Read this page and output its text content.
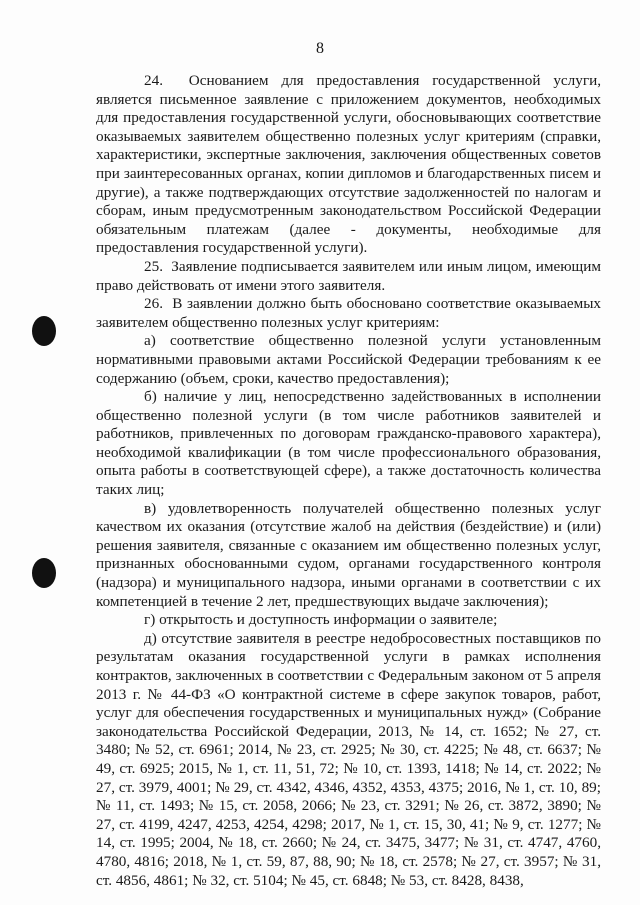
8

24.  Основанием для предоставления государственной услуги, является письменное заявление с приложением документов, необходимых для предоставления государственной услуги, обосновывающих соответствие оказываемых заявителем общественно полезных услуг критериям (справки, характеристики, экспертные заключения, заключения общественных советов при заинтересованных органах, копии дипломов и благодарственных писем и другие), а также подтверждающих отсутствие задолженностей по налогам и сборам, иным предусмотренным законодательством Российской Федерации обязательным платежам (далее - документы, необходимые для предоставления государственной услуги).

25.  Заявление подписывается заявителем или иным лицом, имеющим право действовать от имени этого заявителя.

26.  В заявлении должно быть обосновано соответствие оказываемых заявителем общественно полезных услуг критериям:

а) соответствие общественно полезной услуги установленным нормативными правовыми актами Российской Федерации требованиям к ее содержанию (объем, сроки, качество предоставления);

б) наличие у лиц, непосредственно задействованных в исполнении общественно полезной услуги (в том числе работников заявителей и работников, привлеченных по договорам гражданско-правового характера), необходимой квалификации (в том числе профессионального образования, опыта работы в соответствующей сфере), а также достаточность количества таких лиц;

в) удовлетворенность получателей общественно полезных услуг качеством их оказания (отсутствие жалоб на действия (бездействие) и (или) решения заявителя, связанные с оказанием им общественно полезных услуг, признанных обоснованными судом, органами государственного контроля (надзора) и муниципального надзора, иными органами в соответствии с их компетенцией в течение 2 лет, предшествующих выдаче заключения);

г) открытость и доступность информации о заявителе;

д) отсутствие заявителя в реестре недобросовестных поставщиков по результатам оказания государственной услуги в рамках исполнения контрактов, заключенных в соответствии с Федеральным законом от 5 апреля 2013 г. № 44-ФЗ «О контрактной системе в сфере закупок товаров, работ, услуг для обеспечения государственных и муниципальных нужд» (Собрание законодательства Российской Федерации, 2013, № 14, ст. 1652; № 27, ст. 3480; № 52, ст. 6961; 2014, № 23, ст. 2925; № 30, ст. 4225; № 48, ст. 6637; № 49, ст. 6925; 2015, № 1, ст. 11, 51, 72; № 10, ст. 1393, 1418; № 14, ст. 2022; № 27, ст. 3979, 4001; № 29, ст. 4342, 4346, 4352, 4353, 4375; 2016, № 1, ст. 10, 89; № 11, ст. 1493; № 15, ст. 2058, 2066; № 23, ст. 3291; № 26, ст. 3872, 3890; № 27, ст. 4199, 4247, 4253, 4254, 4298; 2017, № 1, ст. 15, 30, 41; № 9, ст. 1277; № 14, ст. 1995; 2004, № 18, ст. 2660; № 24, ст. 3475, 3477; № 31, ст. 4747, 4760, 4780, 4816; 2018, № 1, ст. 59, 87, 88, 90; № 18, ст. 2578; № 27, ст. 3957; № 31, ст. 4856, 4861; № 32, ст. 5104; № 45, ст. 6848; № 53, ст. 8428, 8438,
